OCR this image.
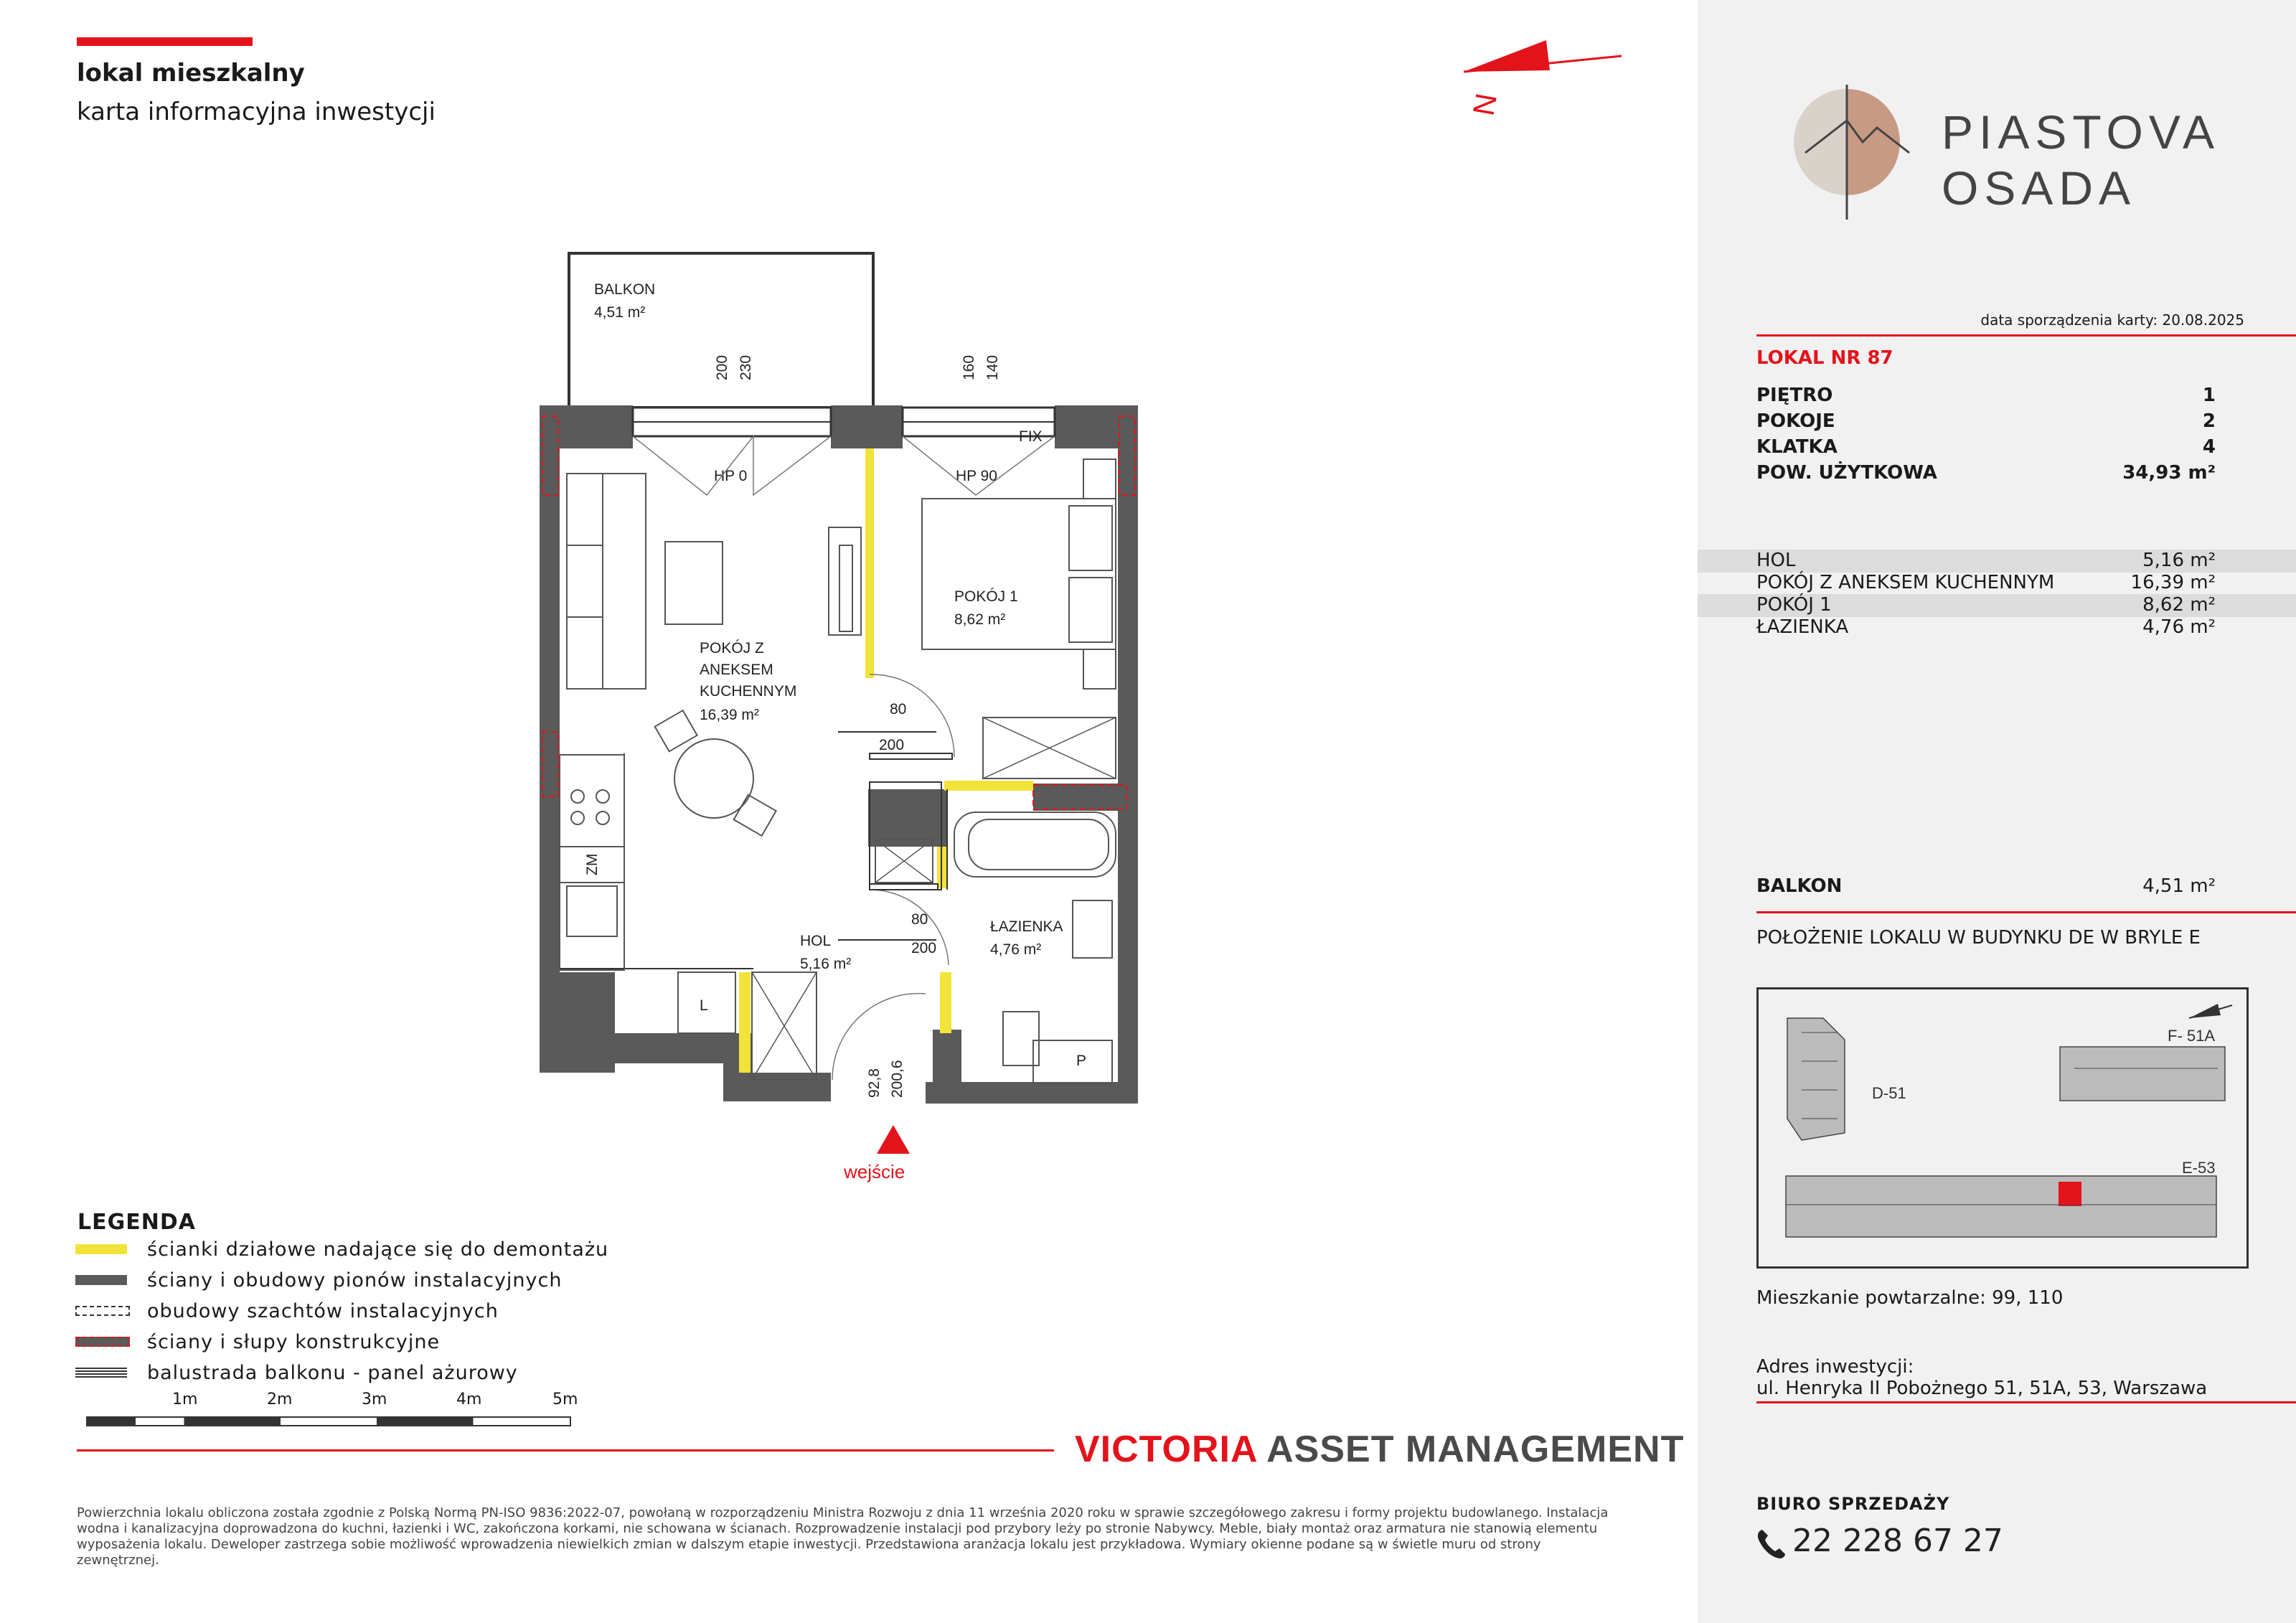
lokal mieszkalny
karta informacyjna inwestycji	N
BALKON
4,51 m²
200 230	160 140
FIX
HP 0	HP 90
ZM
POKÓJ 1
8,62 m²
POKÓJ Z
ANEKSEM
KUCHENNYM
16,39 m²	80
200
80
200
ŁAZIENKA
4,76 m²
HOL
5,16 m²
L
P
92,8 200,6
wejście
LEGENDA
ścianki działowe nadające się do demontażu
ściany i obudowy pionów instalacyjnych
obudowy szachtów instalacyjnych
ściany i słupy konstrukcyjne
balustrada balkonu - panel ażurowy
1m	2m	3m	4m	5m
VICTORIA ASSET MANAGEMENT
Powierzchnia lokalu obliczona została zgodnie z Polską Normą PN-ISO 9836:2022-07, powołaną w rozporządzeniu Ministra Rozwoju z dnia 11 września 2020 roku w sprawie szczegółowego zakresu i formy projektu budowlanego. Instalacja wodna i kanalizacyjna doprowadzona do kuchni, łazienki i WC, zakończona korkami, nie schowana w ścianach. Rozprowadzenie instalacji pod przybory leży po stronie Nabywcy. Meble, biały montaż oraz armatura nie stanowią elementu wyposażenia lokalu. Deweloper zastrzega sobie możliwość wprowadzenia niewielkich zmian w dalszym etapie inwestycji. Przedstawiona aranżacja lokalu jest przykładowa. Wymiary okienne podane są w świetle muru od strony zewnętrznej.
PIASTOVA
OSADA
data sporządzenia karty: 20.08.2025
LOKAL NR 87
PIĘTRO	1
POKOJE	2
KLATKA	4
POW. UŻYTKOWA	34,93 m²
HOL	5,16 m²
POKÓJ Z ANEKSEM KUCHENNYM	16,39 m²
POKÓJ 1	8,62 m²
ŁAZIENKA	4,76 m²
BALKON	4,51 m²
POŁOŻENIE LOKALU W BUDYNKU DE W BRYLE E
D-51
F- 51A
E-53
Mieszkanie powtarzalne: 99, 110
Adres inwestycji:
ul. Henryka II Pobożnego 51, 51A, 53, Warszawa
BIURO SPRZEDAŻY
22 228 67 27
